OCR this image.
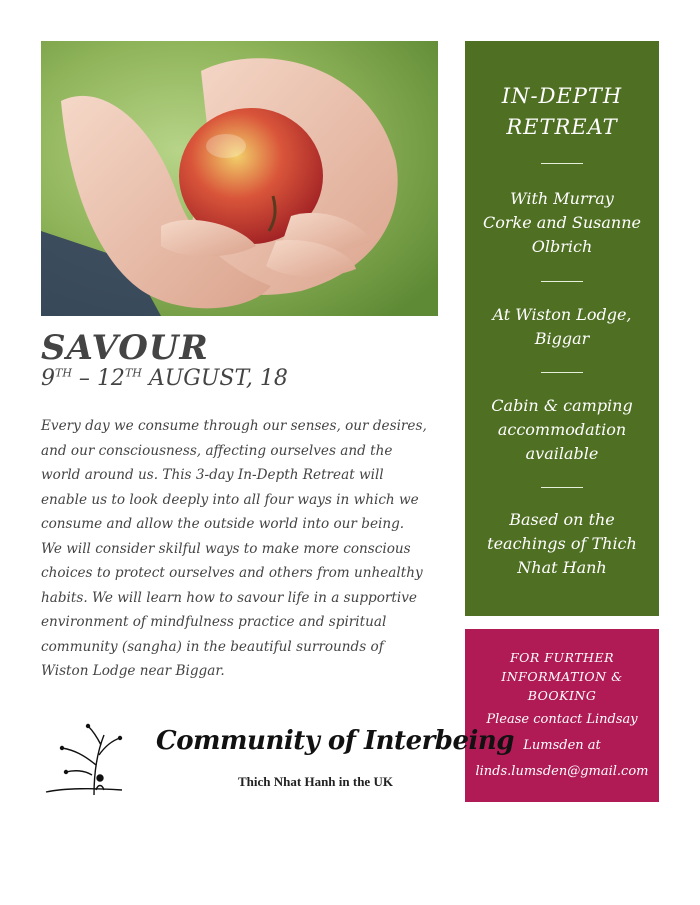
SAVOUR
9TH – 12TH AUGUST, 18

Every day we consume through our senses, our desires,
and our consciousness, affecting ourselves and the
world around us. This 3-day In-Depth Retreat will
enable us to look deeply into all four ways in which we
consume and allow the outside world into our being.
We will consider skilful ways to make more conscious
choices to protect ourselves and others from unhealthy
habits. We will learn how to savour life in a supportive
environment of mindfulness practice and spiritual
community (sangha) in the beautiful surrounds of
Wiston Lodge near Biggar.

IN-DEPTH
RETREAT
With Murray
Corke and Susanne
Olbrich
At Wiston Lodge,
Biggar
Cabin & camping
accommodation
available
Based on the
teachings of Thich
Nhat Hanh
FOR FURTHER
INFORMATION &
BOOKING
Please contact Lindsay
Lumsden at
linds.lumsden@gmail.com
Community of Interbeing
Thich Nhat Hanh in the UK
